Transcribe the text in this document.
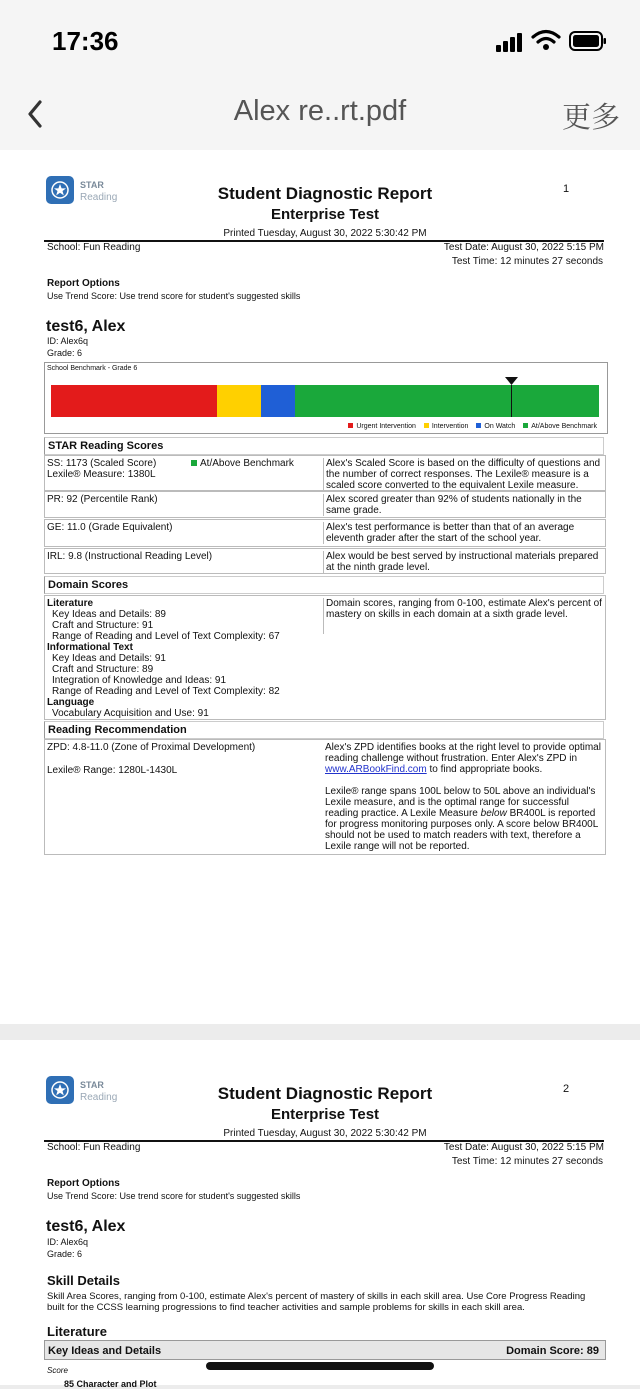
17:36
Alex re..rt.pdf	更多
STAR
Reading	Student Diagnostic Report
Enterprise Test
Printed Tuesday, August 30, 2022 5:30:42 PM
1
School: Fun Reading	Test Date: August 30, 2022 5:15 PM
Test Time: 12 minutes 27 seconds
Report Options
Use Trend Score: Use trend score for student's suggested skills
test6, Alex
ID: Alex6q
Grade: 6
School Benchmark - Grade 6
Urgent Intervention Intervention On Watch At/Above Benchmark
STAR Reading Scores
SS: 1173 (Scaled Score)
Lexile® Measure: 1380L
At/Above Benchmark	Alex's Scaled Score is based on the difficulty of questions and the number of correct responses. The Lexile® measure is a scaled score converted to the equivalent Lexile measure.
PR: 92 (Percentile Rank)	Alex scored greater than 92% of students nationally in the same grade.
GE: 11.0 (Grade Equivalent)	Alex's test performance is better than that of an average eleventh grader after the start of the school year.
IRL: 9.8 (Instructional Reading Level)	Alex would be best served by instructional materials prepared at the ninth grade level.
Domain Scores
Literature
Key Ideas and Details: 89
Craft and Structure: 91
Range of Reading and Level of Text Complexity: 67
Informational Text
Key Ideas and Details: 91
Craft and Structure: 89
Integration of Knowledge and Ideas: 91
Range of Reading and Level of Text Complexity: 82
Language
Vocabulary Acquisition and Use: 91
Domain scores, ranging from 0-100, estimate Alex's percent of mastery on skills in each domain at a sixth grade level.
Reading Recommendation
ZPD: 4.8-11.0 (Zone of Proximal Development)
Lexile® Range: 1280L-1430L
Alex's ZPD identifies books at the right level to provide optimal reading challenge without frustration. Enter Alex's ZPD in www.ARBookFind.com to find appropriate books.
Lexile® range spans 100L below to 50L above an individual's Lexile measure, and is the optimal range for successful reading practice. A Lexile Measure below BR400L is reported for progress monitoring purposes only. A score below BR400L should not be used to match readers with text, therefore a Lexile range will not be reported.
STAR
Reading	Student Diagnostic Report
Enterprise Test
Printed Tuesday, August 30, 2022 5:30:42 PM
2
School: Fun Reading	Test Date: August 30, 2022 5:15 PM
Test Time: 12 minutes 27 seconds
Report Options
Use Trend Score: Use trend score for student's suggested skills
test6, Alex
ID: Alex6q
Grade: 6
Skill Details
Skill Area Scores, ranging from 0-100, estimate Alex's percent of mastery of skills in each skill area. Use Core Progress Reading built for the CCSS learning progressions to find teacher activities and sample problems for skills in each skill area.
Literature
Key Ideas and Details	Domain Score: 89
Score
85 Character and Plot
